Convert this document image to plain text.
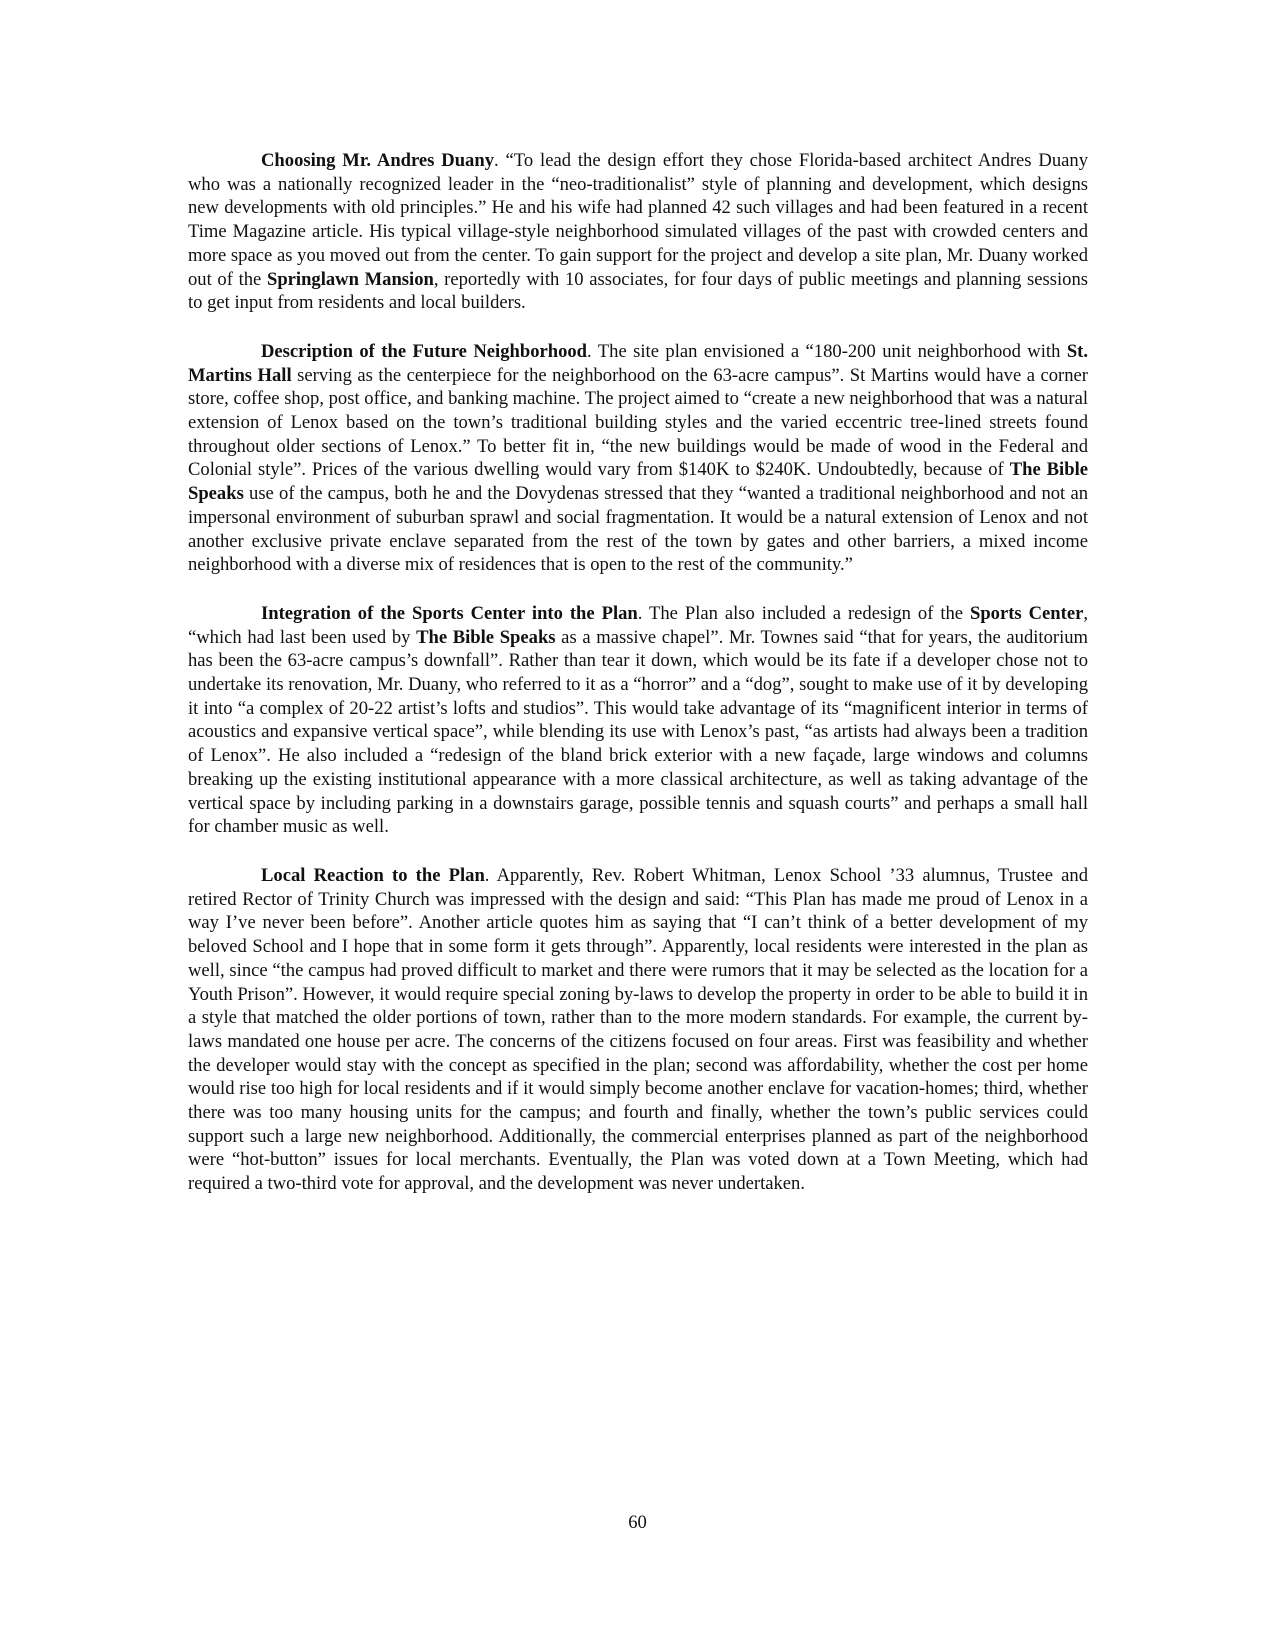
Choosing Mr. Andres Duany. “To lead the design effort they chose Florida-based architect Andres Duany who was a nationally recognized leader in the “neo-traditionalist” style of planning and development, which designs new developments with old principles.” He and his wife had planned 42 such villages and had been featured in a recent Time Magazine article. His typical village-style neighborhood simulated villages of the past with crowded centers and more space as you moved out from the center. To gain support for the project and develop a site plan, Mr. Duany worked out of the Springlawn Mansion, reportedly with 10 associates, for four days of public meetings and planning sessions to get input from residents and local builders.

Description of the Future Neighborhood. The site plan envisioned a “180-200 unit neighborhood with St. Martins Hall serving as the centerpiece for the neighborhood on the 63-acre campus”. St Martins would have a corner store, coffee shop, post office, and banking machine. The project aimed to “create a new neighborhood that was a natural extension of Lenox based on the town’s traditional building styles and the varied eccentric tree-lined streets found throughout older sections of Lenox.” To better fit in, “the new buildings would be made of wood in the Federal and Colonial style”. Prices of the various dwelling would vary from $140K to $240K. Undoubtedly, because of The Bible Speaks use of the campus, both he and the Dovydenas stressed that they “wanted a traditional neighborhood and not an impersonal environment of suburban sprawl and social fragmentation. It would be a natural extension of Lenox and not another exclusive private enclave separated from the rest of the town by gates and other barriers, a mixed income neighborhood with a diverse mix of residences that is open to the rest of the community.”

Integration of the Sports Center into the Plan. The Plan also included a redesign of the Sports Center, “which had last been used by The Bible Speaks as a massive chapel”. Mr. Townes said “that for years, the auditorium has been the 63-acre campus’s downfall”. Rather than tear it down, which would be its fate if a developer chose not to undertake its renovation, Mr. Duany, who referred to it as a “horror” and a “dog”, sought to make use of it by developing it into “a complex of 20-22 artist’s lofts and studios”. This would take advantage of its “magnificent interior in terms of acoustics and expansive vertical space”, while blending its use with Lenox’s past, “as artists had always been a tradition of Lenox”. He also included a “redesign of the bland brick exterior with a new façade, large windows and columns breaking up the existing institutional appearance with a more classical architecture, as well as taking advantage of the vertical space by including parking in a downstairs garage, possible tennis and squash courts” and perhaps a small hall for chamber music as well.

Local Reaction to the Plan. Apparently, Rev. Robert Whitman, Lenox School ’33 alumnus, Trustee and retired Rector of Trinity Church was impressed with the design and said: “This Plan has made me proud of Lenox in a way I’ve never been before”. Another article quotes him as saying that “I can’t think of a better development of my beloved School and I hope that in some form it gets through”. Apparently, local residents were interested in the plan as well, since “the campus had proved difficult to market and there were rumors that it may be selected as the location for a Youth Prison”. However, it would require special zoning by-laws to develop the property in order to be able to build it in a style that matched the older portions of town, rather than to the more modern standards. For example, the current by-laws mandated one house per acre. The concerns of the citizens focused on four areas. First was feasibility and whether the developer would stay with the concept as specified in the plan; second was affordability, whether the cost per home would rise too high for local residents and if it would simply become another enclave for vacation-homes; third, whether there was too many housing units for the campus; and fourth and finally, whether the town’s public services could support such a large new neighborhood. Additionally, the commercial enterprises planned as part of the neighborhood were “hot-button” issues for local merchants. Eventually, the Plan was voted down at a Town Meeting, which had required a two-third vote for approval, and the development was never undertaken.

60
